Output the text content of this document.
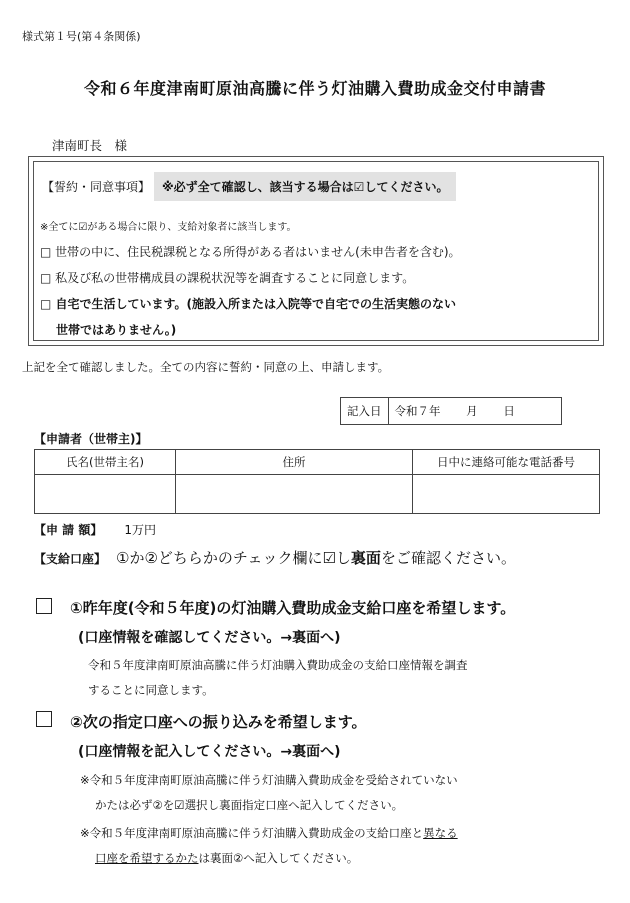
様式第１号(第４条関係)
令和６年度津南町原油高騰に伴う灯油購入費助成金交付申請書
津南町長　様
【誓約・同意事項】 ※必ず全て確認し、該当する場合は☑してください。
※全てに☑がある場合に限り、支給対象者に該当します。
□ 世帯の中に、住民税課税となる所得がある者はいません(未申告者を含む)。
□ 私及び私の世帯構成員の課税状況等を調査することに同意します。
□ 自宅で生活しています。(施設入所または入院等で自宅での生活実態のない
世帯ではありません。)
上記を全て確認しました。全ての内容に誓約・同意の上、申請します。
記入日	令和７年 月 日
【申請者（世帯主)】
氏名(世帯主名)	住所	日中に連絡可能な電話番号

【申 請 額】 1万円
【支給口座】 ①か②どちらかのチェック欄に☑し裏面をご確認ください。
①昨年度(令和５年度)の灯油購入費助成金支給口座を希望します。
(口座情報を確認してください。→裏面へ)
令和５年度津南町原油高騰に伴う灯油購入費助成金の支給口座情報を調査
することに同意します。
②次の指定口座への振り込みを希望します。
(口座情報を記入してください。→裏面へ)
※令和５年度津南町原油高騰に伴う灯油購入費助成金を受給されていない
かたは必ず②を☑選択し裏面指定口座へ記入してください。
※令和５年度津南町原油高騰に伴う灯油購入費助成金の支給口座と異なる
口座を希望するかたは裏面②へ記入してください。
